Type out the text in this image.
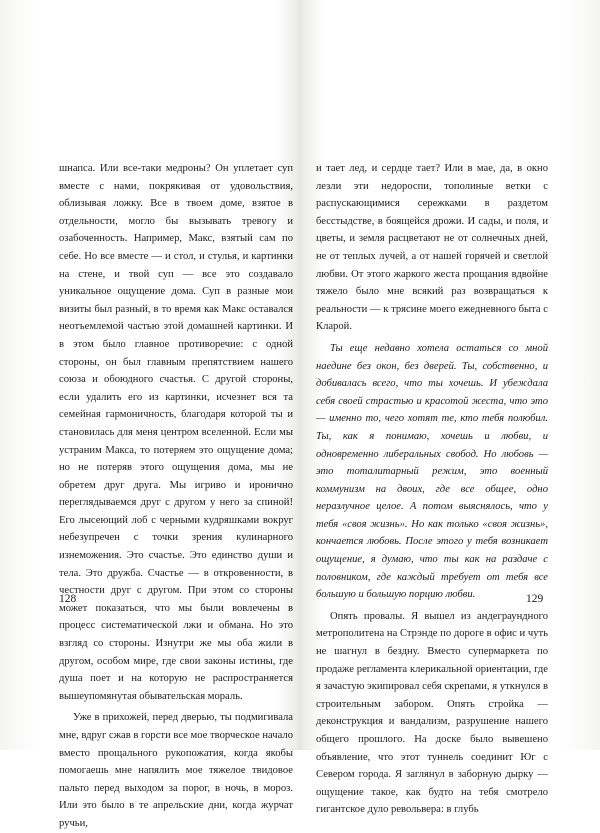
шнапса. Или все-таки медроны? Он уплетает суп вместе с нами, покрякивая от удовольствия, облизывая ложку. Все в твоем доме, взятое в отдельности, могло бы вызывать тревогу и озабоченность. Например, Макс, взятый сам по себе. Но все вместе — и стол, и стулья, и картинки на стене, и твой суп — все это создавало уникальное ощущение дома. Суп в разные мои визиты был разный, в то время как Макс оставался неотъемлемой частью этой домашней картинки. И в этом было главное противоречие: с одной стороны, он был главным препятствием нашего союза и обоюдного счастья. С другой стороны, если удалить его из картинки, исчезнет вся та семейная гармоничность, благодаря которой ты и становилась для меня центром вселенной. Если мы устраним Макса, то потеряем это ощущение дома; но не потеряв этого ощущения дома, мы не обретем друг друга. Мы игриво и иронично переглядываемся друг с другом у него за спиной! Его лысеющий лоб с черными кудряшками вокруг небезупречен с точки зрения кулинарного изнеможения. Это счастье. Это единство души и тела. Это дружба. Счастье — в откровенности, в честности друг с другом. При этом со стороны может показаться, что мы были вовлечены в процесс систематической лжи и обмана. Но это взгляд со стороны. Изнутри же мы оба жили в другом, особом мире, где свои законы истины, где душа поет и на которую не распространяется вышеупомянутая обывательская мораль.

Уже в прихожей, перед дверью, ты подмигивала мне, вдруг сжав в горсти все мое творческое начало вместо прощального рукопожатия, когда якобы помогаешь мне напялить мое тяжелое твидовое пальто перед выходом за порог, в ночь, в мороз. Или это было в те апрельские дни, когда журчат ручьи,

128

и тает лед, и сердце тает? Или в мае, да, в окно лезли эти недороспи, тополиные ветки с распускающимися сережками в раздетом бесстыдстве, в боящейся дрожи. И сады, и поля, и цветы, и земля расцветают не от солнечных дней, не от теплых лучей, а от нашей горячей и светлой любви. От этого жаркого жеста прощания вдвойне тяжело было мне всякий раз возвращаться к реальности — к трясине моего ежедневного быта с Кларой.

Ты еще недавно хотела остаться со мной наедине без окон, без дверей. Ты, собственно, и добивалась всего, что ты хочешь. И убеждала себя своей страстью и красотой жеста, что это — именно то, чего хотят те, кто тебя полюбил. Ты, как я понимаю, хочешь и любви, и одновременно либеральных свобод. Но любовь — это тоталитарный режим, это военный коммунизм на двоих, где все общее, одно неразлучное целое. А потом выяснялось, что у тебя «своя жизнь». Но как только «своя жизнь», кончается любовь. После этого у тебя возникает ощущение, я думаю, что ты как на раздаче с половником, где каждый требует от тебя все большую и большую порцию любви.

Опять провалы. Я вышел из андеграундного метрополитена на Стрэнде по дороге в офис и чуть не шагнул в бездну. Вместо супермаркета по продаже регламента клерикальной ориентации, где я зачастую экипировал себя скрепами, я уткнулся в строительным забором. Опять стройка — деконструкция и вандализм, разрушение нашего общего прошлого. На доске было вывешено объявление, что этот туннель соединит Юг с Севером города. Я заглянул в заборную дырку — ощущение такое, как будто на тебя смотрело гигантское дуло револьвера: в глубь

129
